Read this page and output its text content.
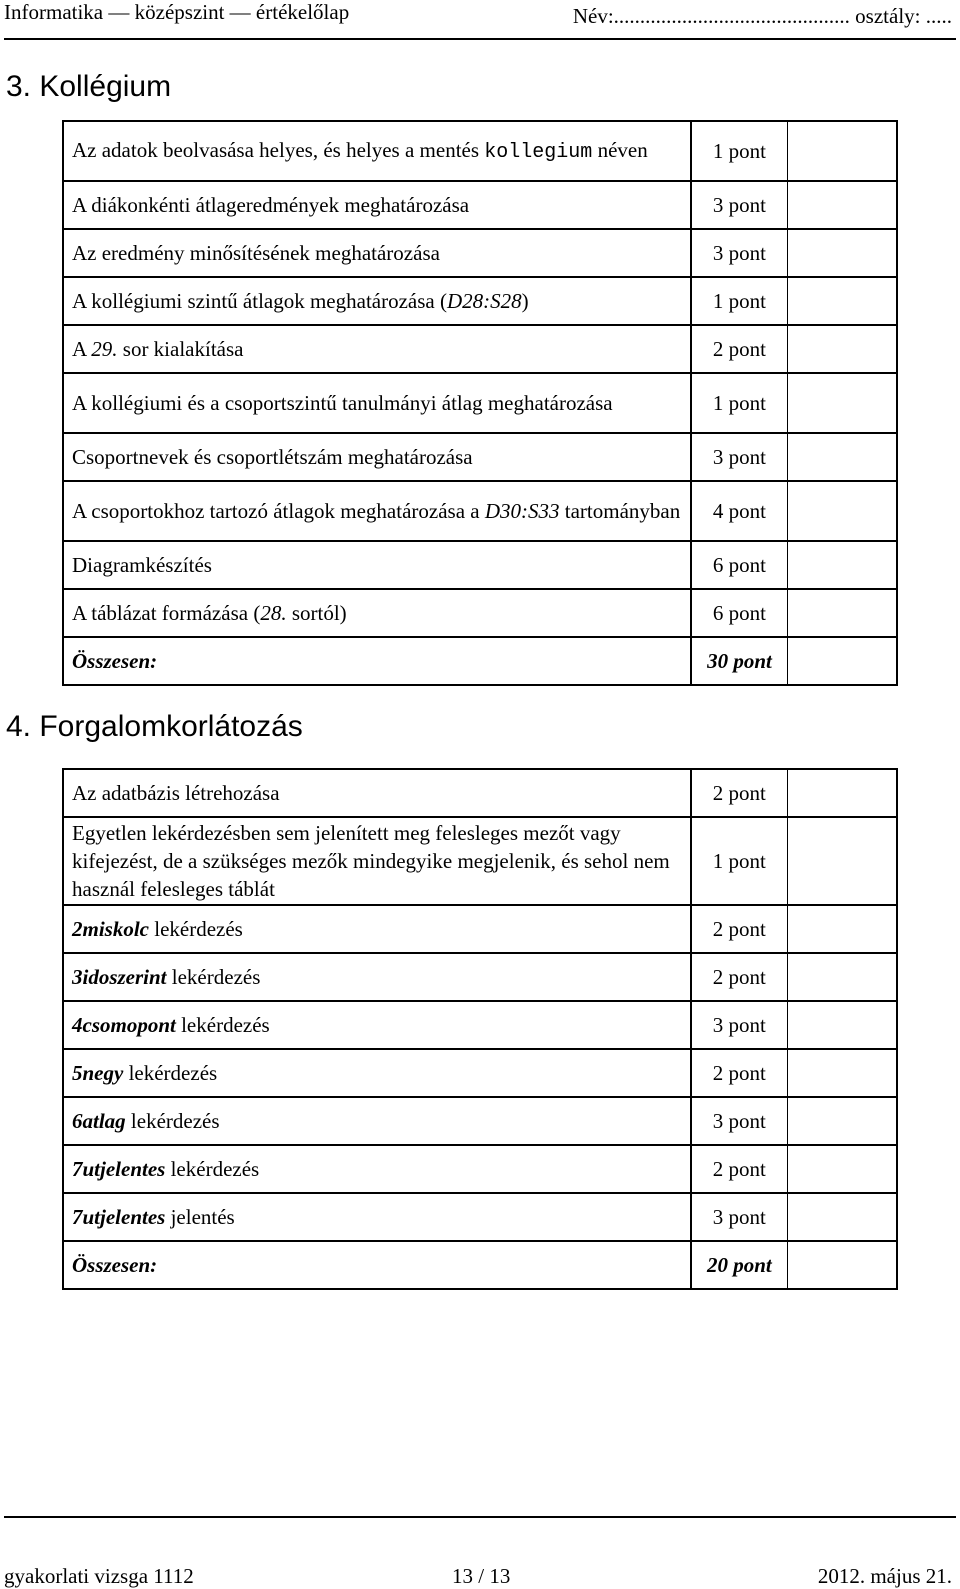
Informatika — középszint — értékelőlap	Név:............................................. osztály: .....
3. Kollégium
Az adatok beolvasása helyes, és helyes a mentés kollegium néven	1 pont	
A diákonkénti átlageredmények meghatározása	3 pont	
Az eredmény minősítésének meghatározása	3 pont	
A kollégiumi szintű átlagok meghatározása (D28:S28)	1 pont	
A 29. sor kialakítása	2 pont	
A kollégiumi és a csoportszintű tanulmányi átlag meghatározása	1 pont	
Csoportnevek és csoportlétszám meghatározása	3 pont	
A csoportokhoz tartozó átlagok meghatározása a D30:S33 tartományban	4 pont	
Diagramkészítés	6 pont	
A táblázat formázása (28. sortól)	6 pont	
Összesen:	30 pont	
4. Forgalomkorlátozás
Az adatbázis létrehozása	2 pont	
Egyetlen lekérdezésben sem jelenített meg felesleges mezőt vagy kifejezést, de a szükséges mezők mindegyike megjelenik, és sehol nem használ felesleges táblát	1 pont	
2miskolc lekérdezés	2 pont	
3idoszerint lekérdezés	2 pont	
4csomopont lekérdezés	3 pont	
5negy lekérdezés	2 pont	
6atlag lekérdezés	3 pont	
7utjelentes lekérdezés	2 pont	
7utjelentes jelentés	3 pont	
Összesen:	20 pont	
gyakorlati vizsga 1112	13 / 13	2012. május 21.
